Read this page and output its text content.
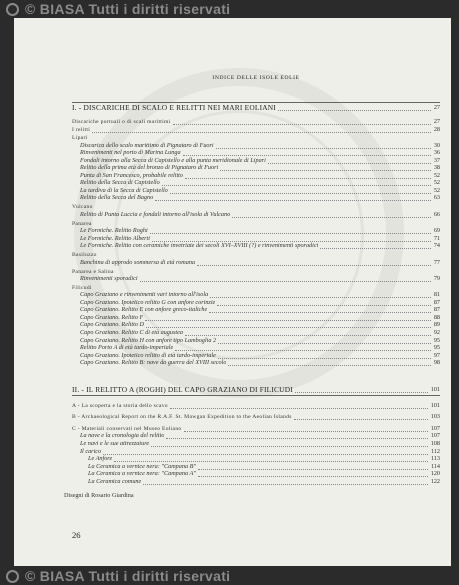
© BIASA Tutti i diritti riservati
INDICE DELLE ISOLE EOLIE
I. - DISCARICHE DI SCALO E RELITTI NEI MARI EOLIANI	27
Discariche portuali o di scali marittimi	27
I relitti	28
Lipari
Discarica dello scalo marittimo di Pignataro di Fuori	30
Rinvenimenti nel porto di Marina Lunga	36
Fondali intorno alla Secca di Capistello e alla punta meridionale di Lipari	37
Relitto della prima età del bronzo di Pignataro di Fuori	38
Punta di San Francesco, probabile relitto	52
Relitto della Secca di Capistello	52
La tardiva di la Secca di Capistello	52
Relitto della Secca del Bagno	63
Vulcano
Relitto di Punta Luccia e fondali intorno all'isola di Vulcano	66
Panarea
Le Formiche. Relitto Roghi	69
Le Formiche. Relitto Alberti	71
Le Formiche. Relitto con ceramiche invetriate dei secoli XVI–XVIII (?) e rinvenimenti sporadici	74
Basiluzzo
Banchina di approdo sommersa di età romana	77
Panarea e Salina
Rinvenimenti sporadici	79
Filicudi
Capo Graziano e rinvenimenti vari intorno all'isola	81
Capo Graziano. Ipotetico relitto G con anfore corinzie	87
Capo Graziano. Relitto E con anfore greco-italiche	87
Capo Graziano. Relitto F	88
Capo Graziano. Relitto D	89
Capo Graziano. Relitto C di età augustea	92
Capo Graziano. Relitto H con anfore tipo Lamboglia 2	95
Relitto Porto A di età tardo-imperiale	95
Capo Graziano. Ipotetico relitto di età tardo-imperiale	97
Capo Graziano. Relitto B: nave da guerra del XVIII secolo	98
II. - IL RELITTO A (ROGHI) DEL CAPO GRAZIANO DI FILICUDI	101
A - La scoperta e la storia dello scavo	101
B - Archaeological Report on the R.A.F. St. Mawgan Expedition to the Aeolian Islands	103
C - Materiali conservati nel Museo Eoliano	107
La nave e la cronologia del relitto	107
Le navi e le sue attrezzature	108
Il carico	112
Le Anfore	113
La Ceramica a vernice nera: "Campana B"	114
La Ceramica a vernice nera: "Campana A"	120
La Ceramica comune	122
Disegni di Rosario Giardina
26
© BIASA Tutti i diritti riservati
